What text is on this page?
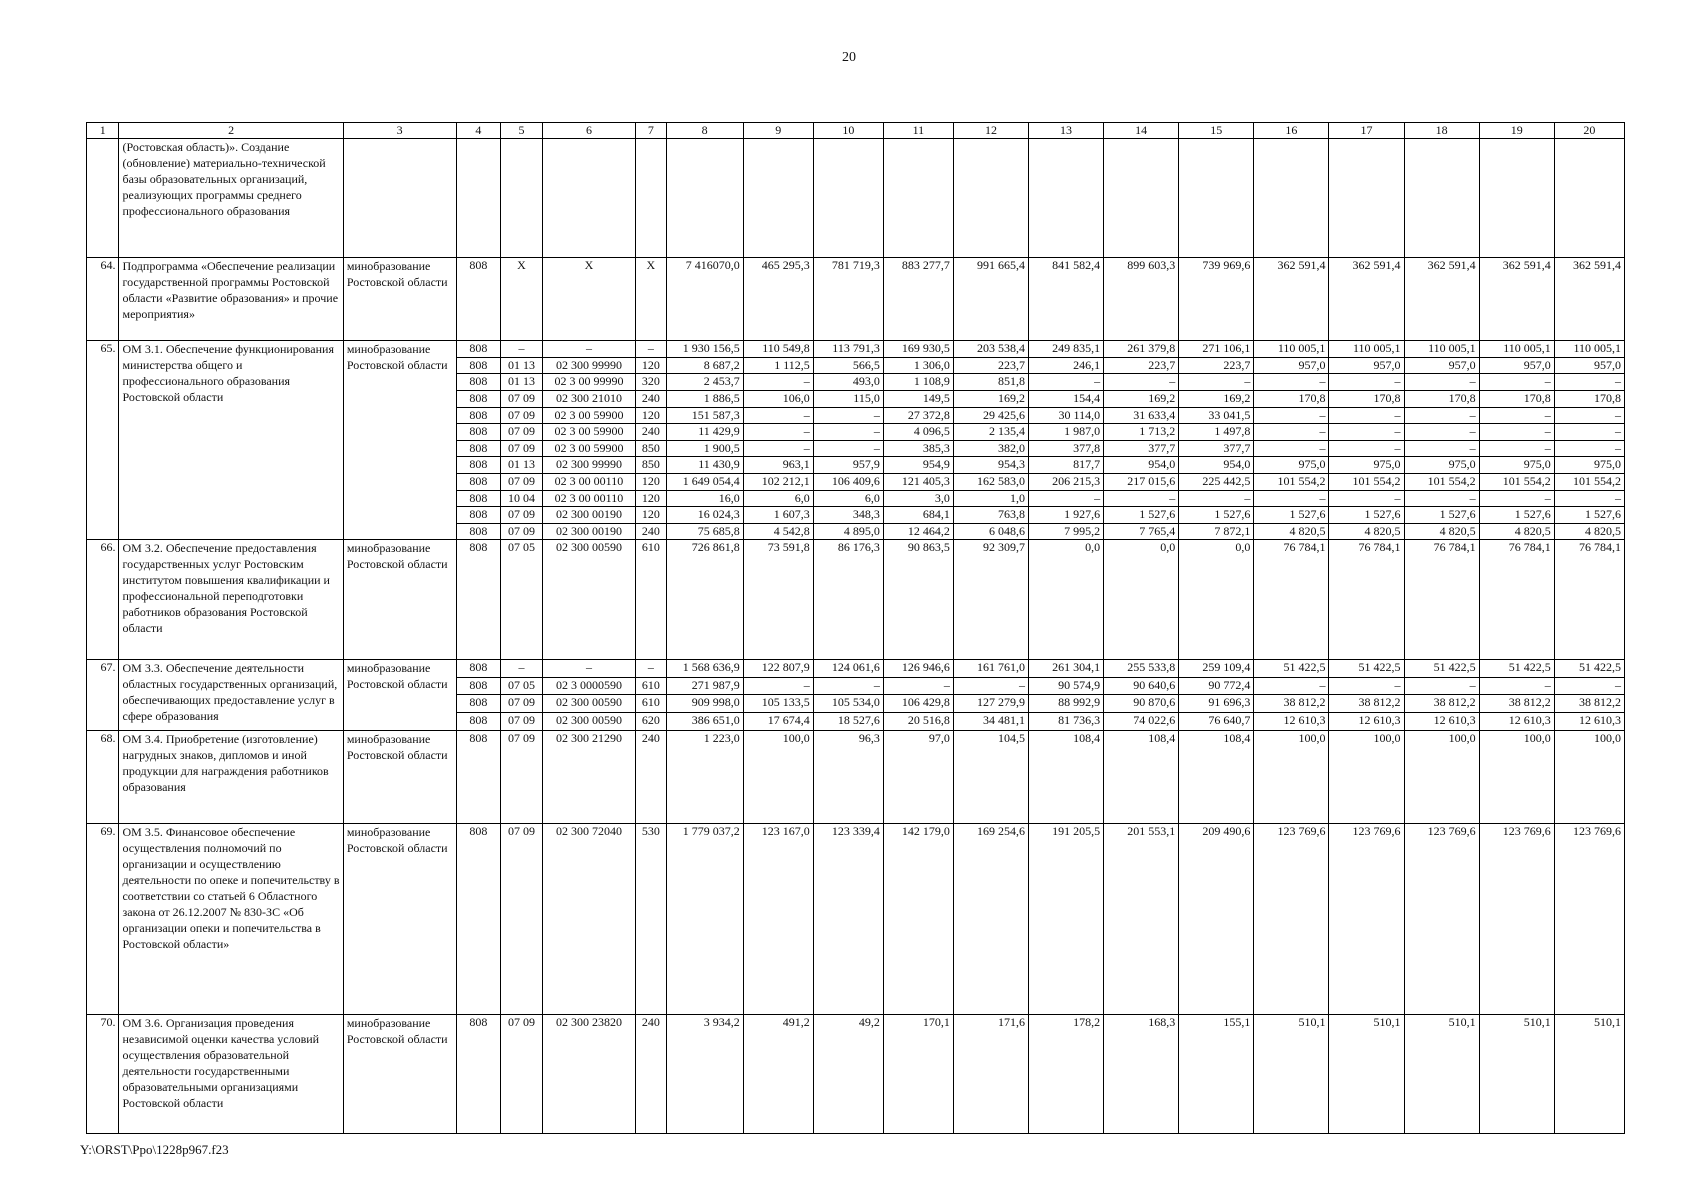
20
1	2	3	4	5	6	7	8	9	10	11	12	13	14	15	16	17	18	19	20
	(Ростовская область)». Создание (обновление) материально-технической базы образовательных организаций, реализующих программы среднего профессионального образования																		
64.	Подпрограмма «Обеспечение реализации государственной программы Ростовской области «Развитие образования» и прочие мероприятия»	минобразование Ростовской области	808	X	X	X	7 416070,0	465 295,3	781 719,3	883 277,7	991 665,4	841 582,4	899 603,3	739 969,6	362 591,4	362 591,4	362 591,4	362 591,4	362 591,4
65.	ОМ 3.1. Обеспечение функционирования министерства общего и профессионального образования Ростовской области	минобразование Ростовской области	808	–	–	–	1 930 156,5	110 549,8	113 791,3	169 930,5	203 538,4	249 835,1	261 379,8	271 106,1	110 005,1	110 005,1	110 005,1	110 005,1	110 005,1
			808	01 13	02 300 99990	120	8 687,2	1 112,5	566,5	1 306,0	223,7	246,1	223,7	223,7	957,0	957,0	957,0	957,0	957,0
			808	01 13	02 3 00 99990	320	2 453,7	–	493,0	1 108,9	851,8	–	–	–	–	–	–	–	–
			808	07 09	02 300 21010	240	1 886,5	106,0	115,0	149,5	169,2	154,4	169,2	169,2	170,8	170,8	170,8	170,8	170,8
			808	07 09	02 3 00 59900	120	151 587,3	–	–	27 372,8	29 425,6	30 114,0	31 633,4	33 041,5	–	–	–	–	–
			808	07 09	02 3 00 59900	240	11 429,9	–	–	4 096,5	2 135,4	1 987,0	1 713,2	1 497,8	–	–	–	–	–
			808	07 09	02 3 00 59900	850	1 900,5	–	–	385,3	382,0	377,8	377,7	377,7	–	–	–	–	–
			808	01 13	02 300 99990	850	11 430,9	963,1	957,9	954,9	954,3	817,7	954,0	954,0	975,0	975,0	975,0	975,0	975,0
			808	07 09	02 3 00 00110	120	1 649 054,4	102 212,1	106 409,6	121 405,3	162 583,0	206 215,3	217 015,6	225 442,5	101 554,2	101 554,2	101 554,2	101 554,2	101 554,2
			808	10 04	02 3 00 00110	120	16,0	6,0	6,0	3,0	1,0	–	–	–	–	–	–	–	–
			808	07 09	02 300 00190	120	16 024,3	1 607,3	348,3	684,1	763,8	1 927,6	1 527,6	1 527,6	1 527,6	1 527,6	1 527,6	1 527,6	1 527,6
			808	07 09	02 300 00190	240	75 685,8	4 542,8	4 895,0	12 464,2	6 048,6	7 995,2	7 765,4	7 872,1	4 820,5	4 820,5	4 820,5	4 820,5	4 820,5
66.	ОМ 3.2. Обеспечение предоставления государственных услуг Ростовским институтом повышения квалификации и профессиональной переподготовки работников образования Ростовской области	минобразование Ростовской области	808	07 05	02 300 00590	610	726 861,8	73 591,8	86 176,3	90 863,5	92 309,7	0,0	0,0	0,0	76 784,1	76 784,1	76 784,1	76 784,1	76 784,1
67.	ОМ 3.3. Обеспечение деятельности областных государственных организаций, обеспечивающих предоставление услуг в сфере образования	минобразование Ростовской области	808	–	–	–	1 568 636,9	122 807,9	124 061,6	126 946,6	161 761,0	261 304,1	255 533,8	259 109,4	51 422,5	51 422,5	51 422,5	51 422,5	51 422,5
			808	07 05	02 3 0000590	610	271 987,9	–	–	–	–	90 574,9	90 640,6	90 772,4	–	–	–	–	–
			808	07 09	02 300 00590	610	909 998,0	105 133,5	105 534,0	106 429,8	127 279,9	88 992,9	90 870,6	91 696,3	38 812,2	38 812,2	38 812,2	38 812,2	38 812,2
			808	07 09	02 300 00590	620	386 651,0	17 674,4	18 527,6	20 516,8	34 481,1	81 736,3	74 022,6	76 640,7	12 610,3	12 610,3	12 610,3	12 610,3	12 610,3
68.	ОМ 3.4. Приобретение (изготовление) нагрудных знаков, дипломов и иной продукции для награждения работников образования	минобразование Ростовской области	808	07 09	02 300 21290	240	1 223,0	100,0	96,3	97,0	104,5	108,4	108,4	108,4	100,0	100,0	100,0	100,0	100,0
69.	ОМ 3.5. Финансовое обеспечение осуществления полномочий по организации и осуществлению деятельности по опеке и попечительству в соответствии со статьей 6 Областного закона от 26.12.2007 № 830-ЗС «Об организации опеки и попечительства в Ростовской области»	минобразование Ростовской области	808	07 09	02 300 72040	530	1 779 037,2	123 167,0	123 339,4	142 179,0	169 254,6	191 205,5	201 553,1	209 490,6	123 769,6	123 769,6	123 769,6	123 769,6	123 769,6
70.	ОМ 3.6. Организация проведения независимой оценки качества условий осуществления образовательной деятельности государственными образовательными организациями Ростовской области	минобразование Ростовской области	808	07 09	02 300 23820	240	3 934,2	491,2	49,2	170,1	171,6	178,2	168,3	155,1	510,1	510,1	510,1	510,1	510,1
Y:\ORST\Ppo\1228p967.f23
